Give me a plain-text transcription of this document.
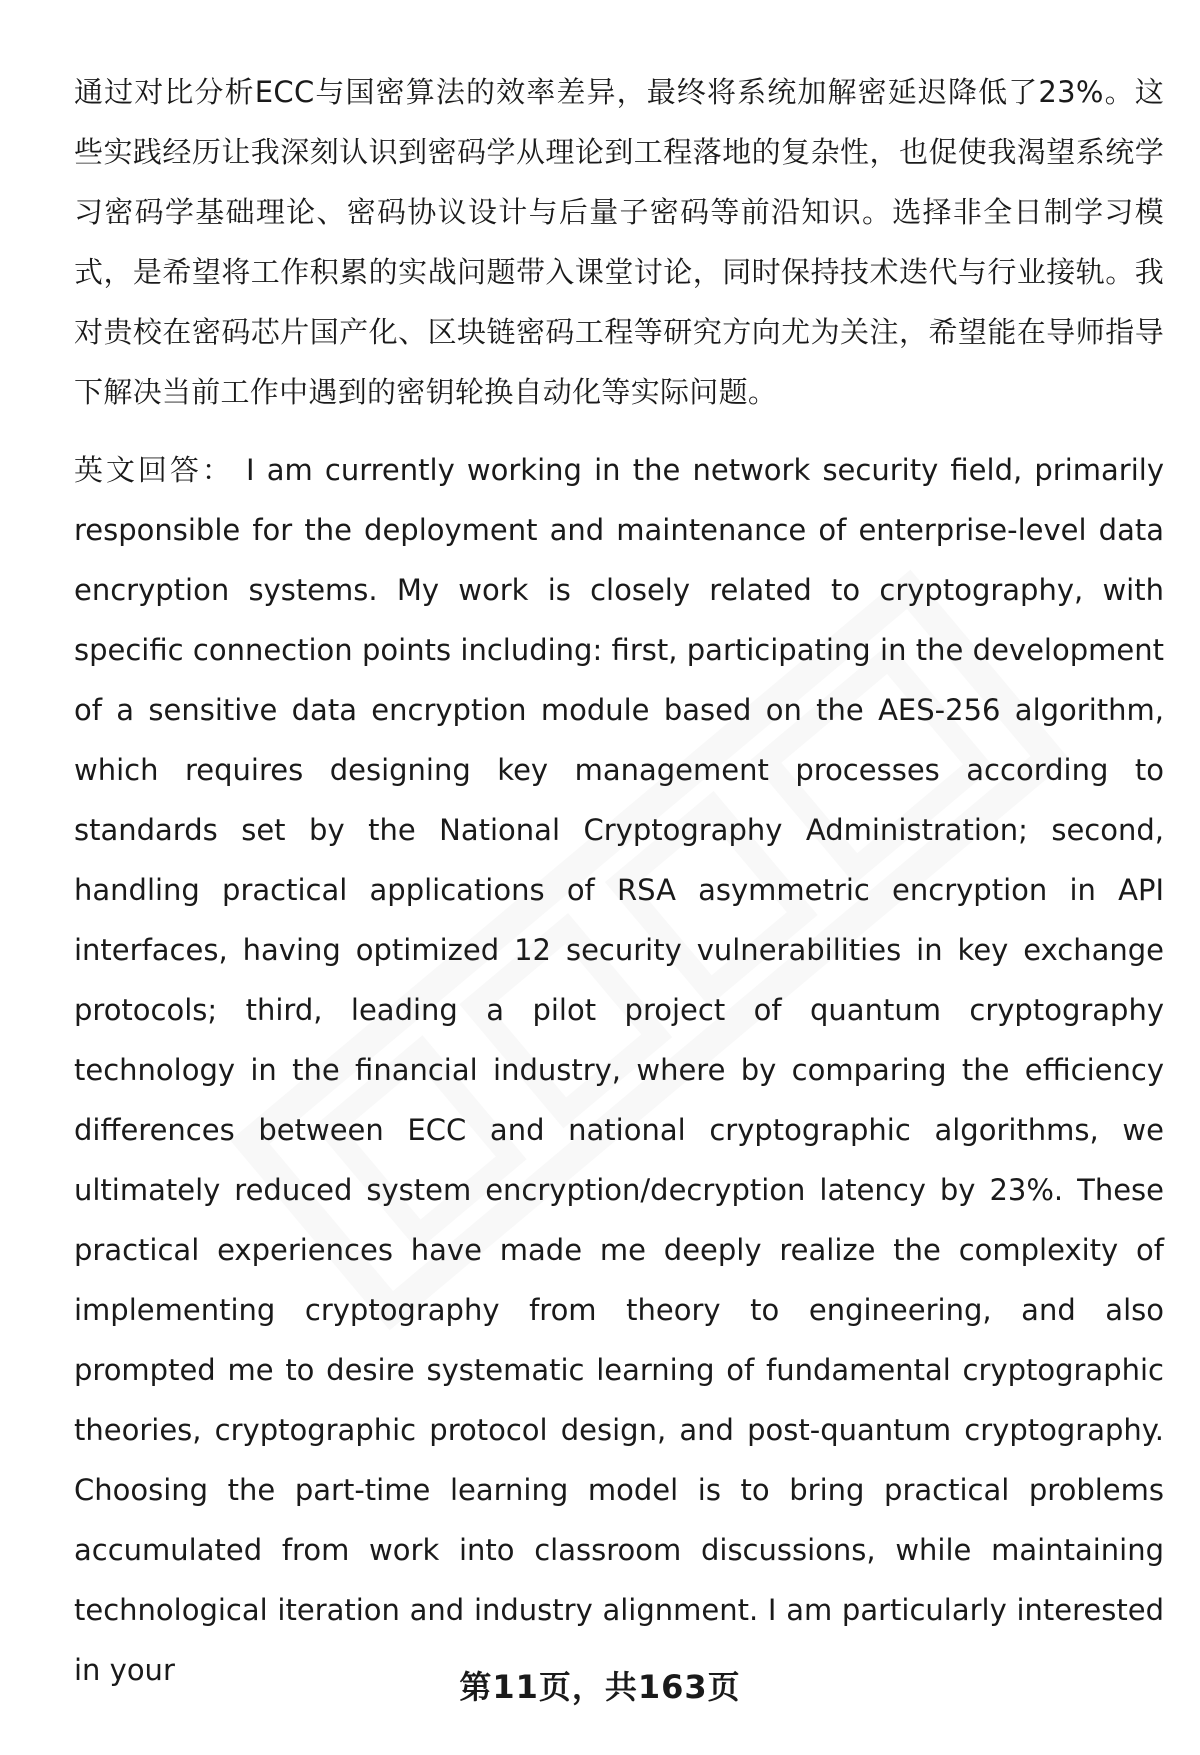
通过对比分析ECC与国密算法的效率差异，最终将系统加解密延迟降低了23%。这些实践经历让我深刻认识到密码学从理论到工程落地的复杂性，也促使我渴望系统学习密码学基础理论、密码协议设计与后量子密码等前沿知识。选择非全日制学习模式，是希望将工作积累的实战问题带入课堂讨论，同时保持技术迭代与行业接轨。我对贵校在密码芯片国产化、区块链密码工程等研究方向尤为关注，希望能在导师指导下解决当前工作中遇到的密钥轮换自动化等实际问题。

英文回答： I am currently working in the network security field, primarily responsible for the deployment and maintenance of enterprise-level data encryption systems. My work is closely related to cryptography, with specific connection points including: first, participating in the development of a sensitive data encryption module based on the AES-256 algorithm, which requires designing key management processes according to standards set by the National Cryptography Administration; second, handling practical applications of RSA asymmetric encryption in API interfaces, having optimized 12 security vulnerabilities in key exchange protocols; third, leading a pilot project of quantum cryptography technology in the financial industry, where by comparing the efficiency differences between ECC and national cryptographic algorithms, we ultimately reduced system encryption/decryption latency by 23%. These practical experiences have made me deeply realize the complexity of implementing cryptography from theory to engineering, and also prompted me to desire systematic learning of fundamental cryptographic theories, cryptographic protocol design, and post-quantum cryptography. Choosing the part-time learning model is to bring practical problems accumulated from work into classroom discussions, while maintaining technological iteration and industry alignment. I am particularly interested in your	第11页，共163页
